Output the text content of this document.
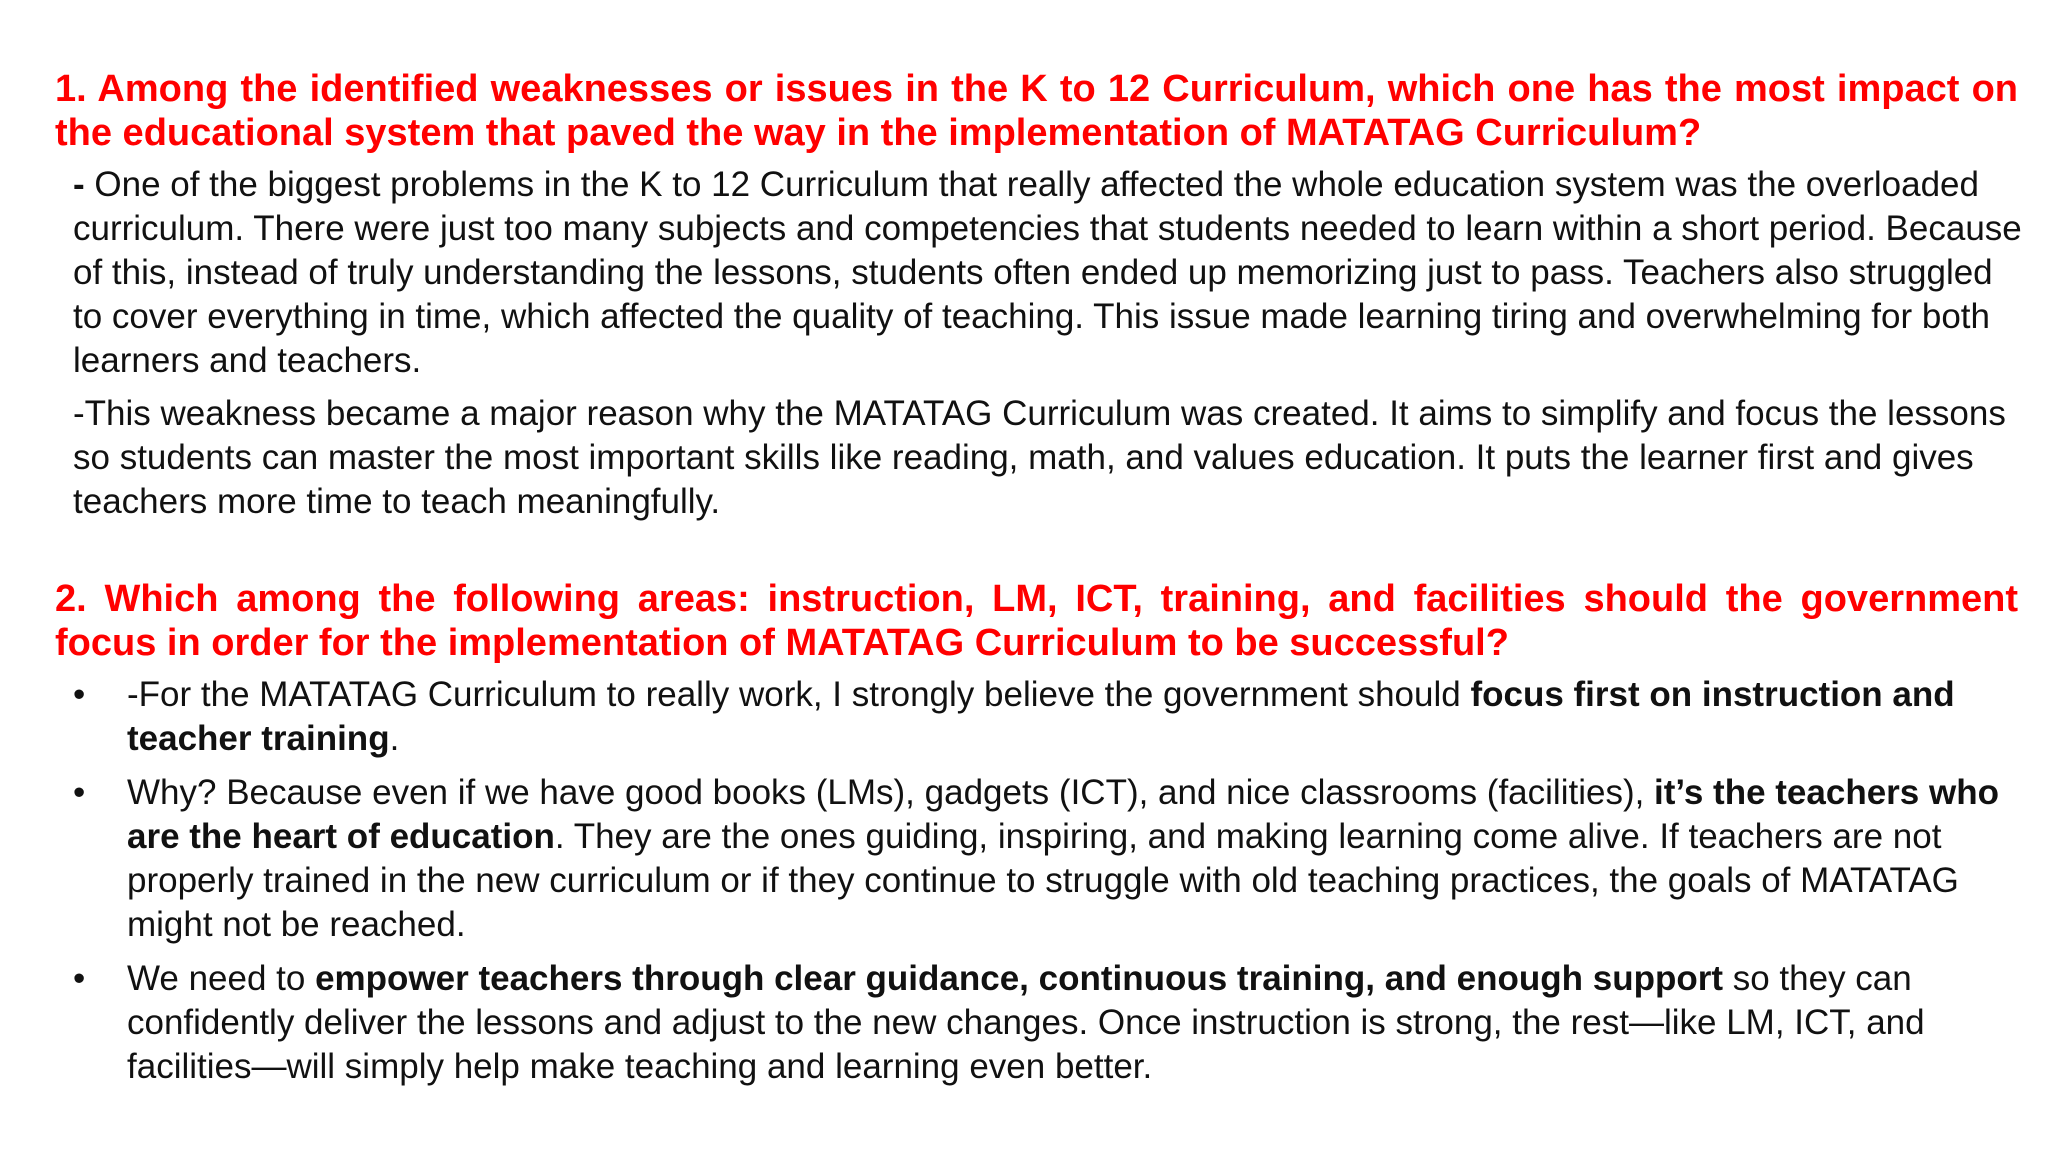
1. Among the identified weaknesses or issues in the K to 12 Curriculum, which one has the most impact on the educational system that paved the way in the implementation of MATATAG Curriculum?

- One of the biggest problems in the K to 12 Curriculum that really affected the whole education system was the overloaded curriculum. There were just too many subjects and competencies that students needed to learn within a short period. Because of this, instead of truly understanding the lessons, students often ended up memorizing just to pass. Teachers also struggled to cover everything in time, which affected the quality of teaching. This issue made learning tiring and overwhelming for both learners and teachers.

-This weakness became a major reason why the MATATAG Curriculum was created. It aims to simplify and focus the lessons so students can master the most important skills like reading, math, and values education. It puts the learner first and gives teachers more time to teach meaningfully.

2. Which among the following areas: instruction, LM, ICT, training, and facilities should the government focus in order for the implementation of MATATAG Curriculum to be successful?
•	-For the MATATAG Curriculum to really work, I strongly believe the government should focus first on instruction and teacher training.
•	Why? Because even if we have good books (LMs), gadgets (ICT), and nice classrooms (facilities), it’s the teachers who are the heart of education. They are the ones guiding, inspiring, and making learning come alive. If teachers are not properly trained in the new curriculum or if they continue to struggle with old teaching practices, the goals of MATATAG might not be reached.
•	We need to empower teachers through clear guidance, continuous training, and enough support so they can confidently deliver the lessons and adjust to the new changes. Once instruction is strong, the rest—like LM, ICT, and facilities—will simply help make teaching and learning even better.
